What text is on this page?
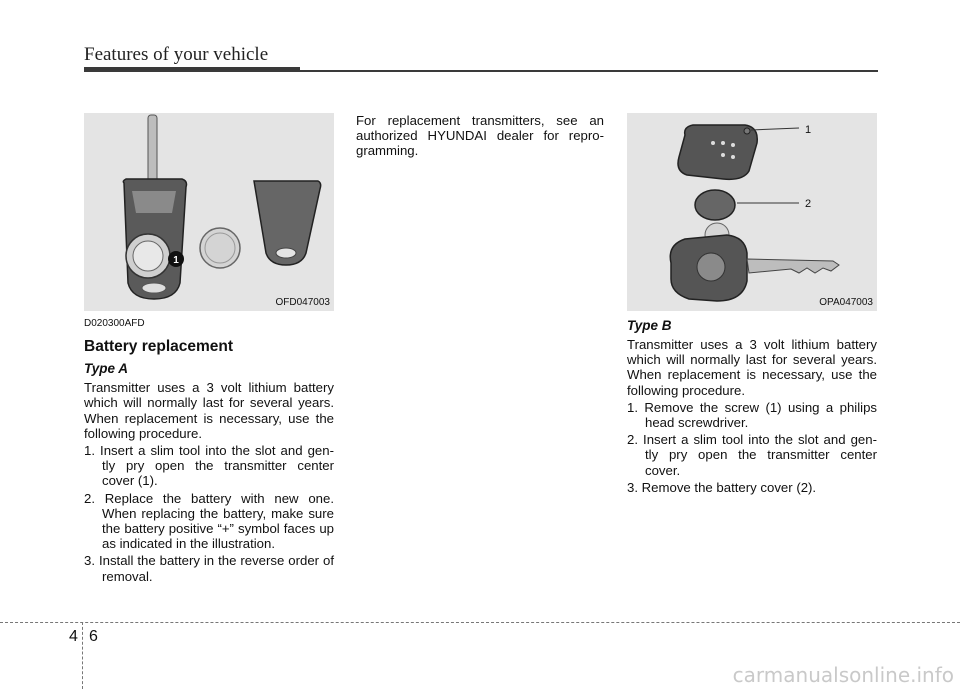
Features of your vehicle
1
OFD047003
1
2
OPA047003

D020300AFD

Battery replacement

Type A

Transmitter uses a 3 volt lithium battery which will normally last for several years. When replacement is necessary, use the following procedure.

1. Insert a slim tool into the slot and gen-tly pry open the transmitter center cover (1).
2. Replace the battery with new one. When replacing the battery, make sure the battery positive “+” symbol faces up as indicated in the illustration.
3. Install the battery in the reverse order of removal.

For replacement transmitters, see an authorized HYUNDAI dealer for repro-gramming.

Type B

Transmitter uses a 3 volt lithium battery which will normally last for several years. When replacement is necessary, use the following procedure.

1. Remove the screw (1) using a philips head screwdriver.
2. Insert a slim tool into the slot and gen-tly pry open the transmitter center cover.
3. Remove the battery cover (2).
4 6
carmanualsonline.info
